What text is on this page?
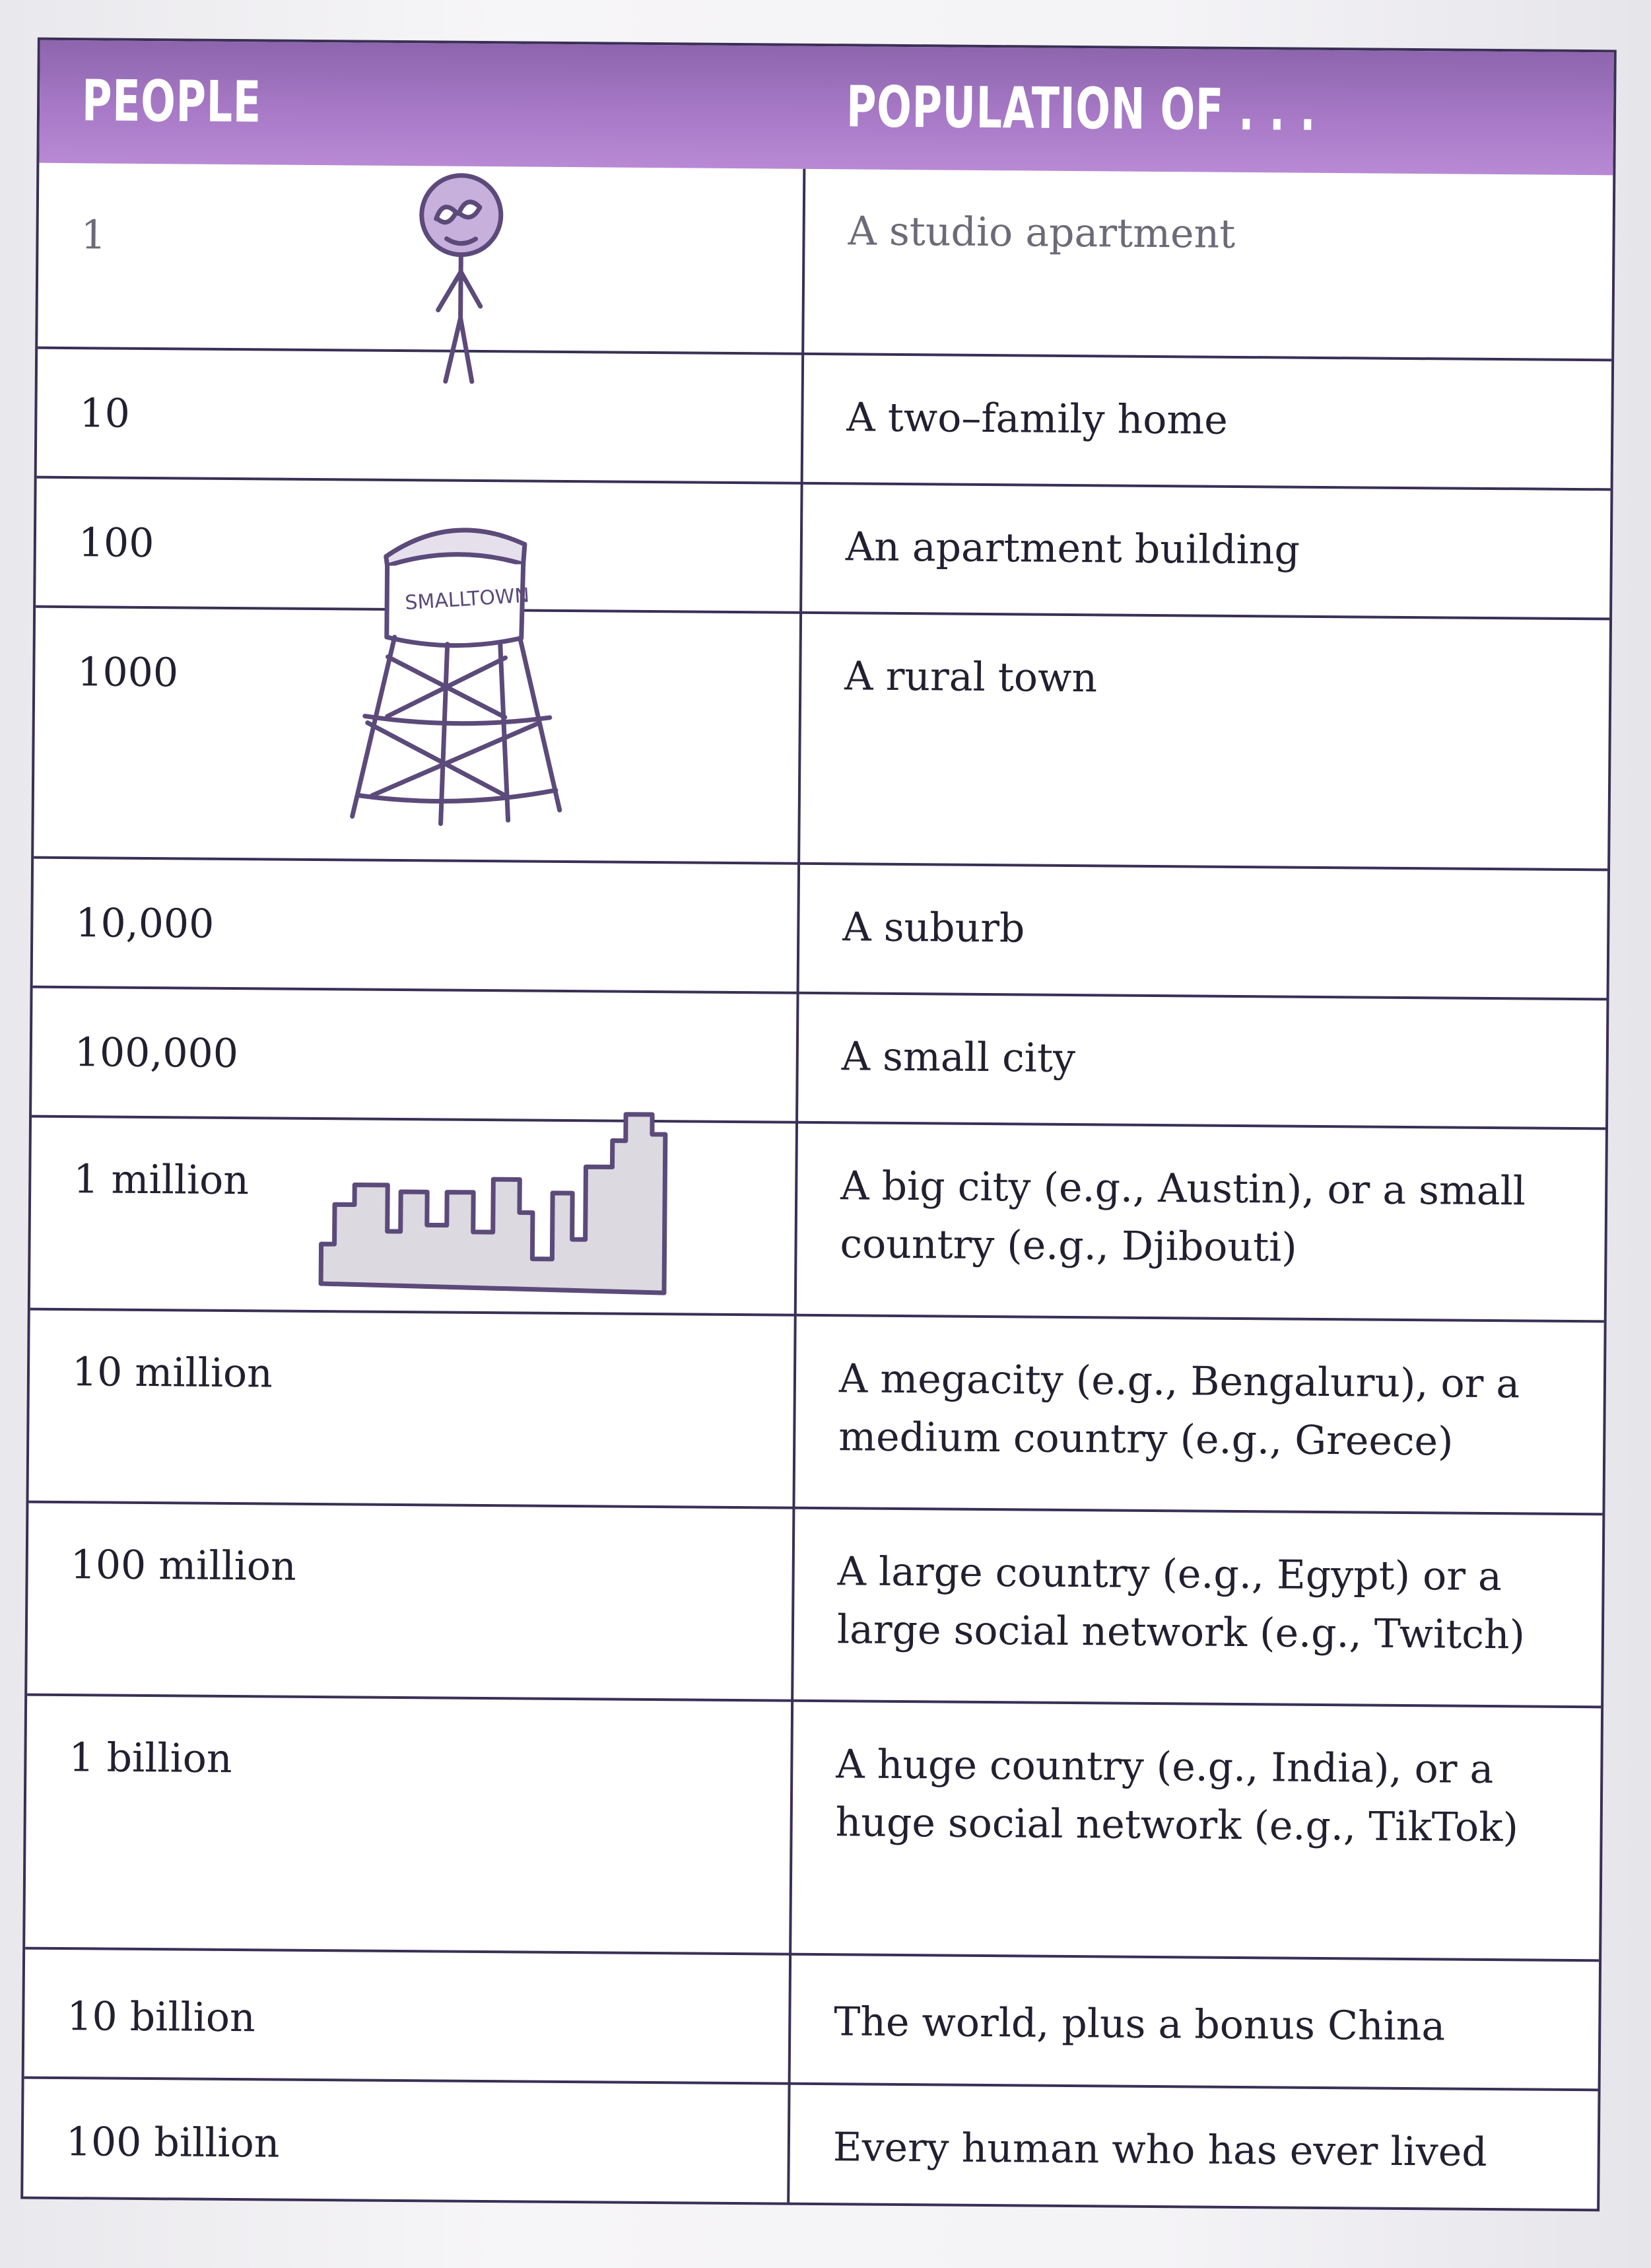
PEOPLE	POPULATION OF . . .
1	A studio apartment
10	A two–family home
100	An apartment building
1000	A rural town
10,000	A suburb
100,000	A small city
1 million	A big city (e.g., Austin), or a small country (e.g., Djibouti)
10 million	A megacity (e.g., Bengaluru), or a medium country (e.g., Greece)
100 million	A large country (e.g., Egypt) or a large social network (e.g., Twitch)
1 billion	A huge country (e.g., India), or a huge social network (e.g., TikTok)
10 billion	The world, plus a bonus China
100 billion	Every human who has ever lived
SMALLTOWN
